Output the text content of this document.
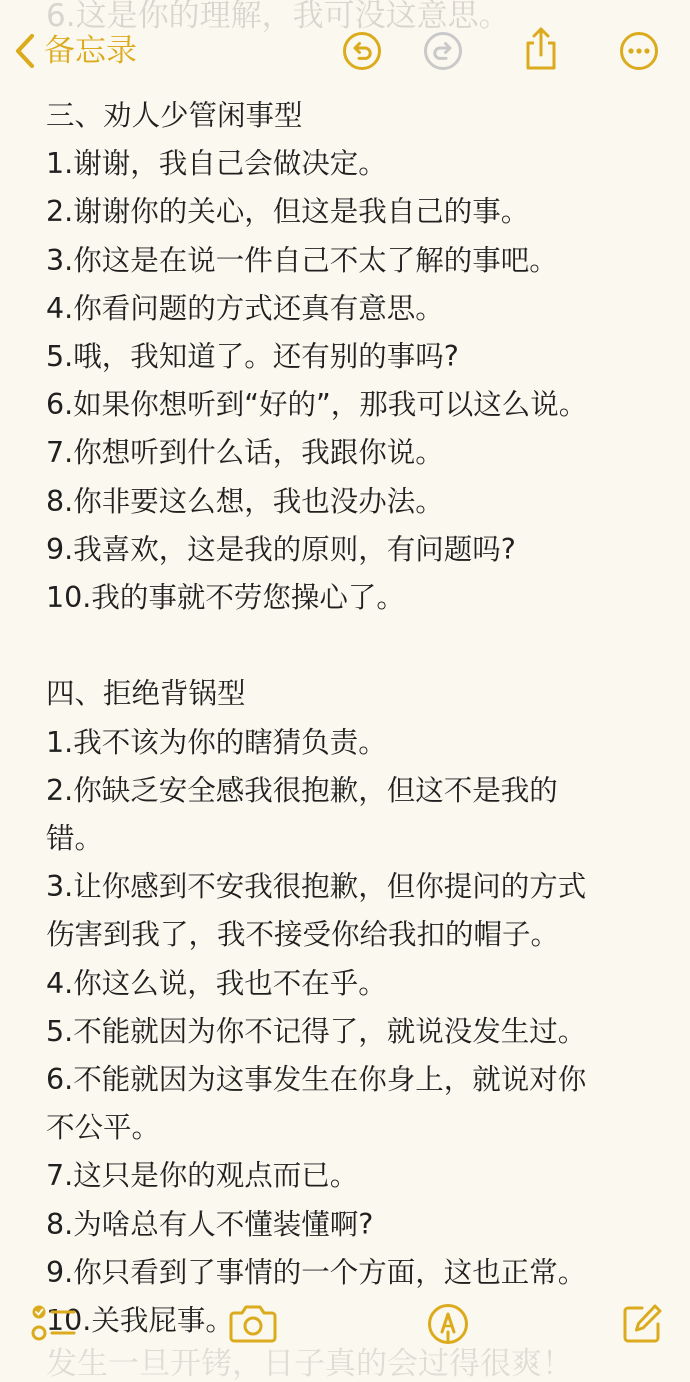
6.这是你的理解，我可没这意思。
备忘录
三、劝人少管闲事型
1.谢谢，我自己会做决定。
2.谢谢你的关心，但这是我自己的事。
3.你这是在说一件自己不太了解的事吧。
4.你看问题的方式还真有意思。
5.哦，我知道了。还有别的事吗?
6.如果你想听到“好的”，那我可以这么说。
7.你想听到什么话，我跟你说。
8.你非要这么想，我也没办法。
9.我喜欢，这是我的原则，有问题吗?
10.我的事就不劳您操心了。
四、拒绝背锅型
1.我不该为你的瞎猜负责。
2.你缺乏安全感我很抱歉，但这不是我的
错。
3.让你感到不安我很抱歉，但你提问的方式
伤害到我了，我不接受你给我扣的帽子。
4.你这么说，我也不在乎。
5.不能就因为你不记得了，就说没发生过。
6.不能就因为这事发生在你身上，就说对你
不公平。
7.这只是你的观点而已。
8.为啥总有人不懂装懂啊?
9.你只看到了事情的一个方面，这也正常。
10.关我屁事。
发生一旦开铐，日子真的会过得很爽！
